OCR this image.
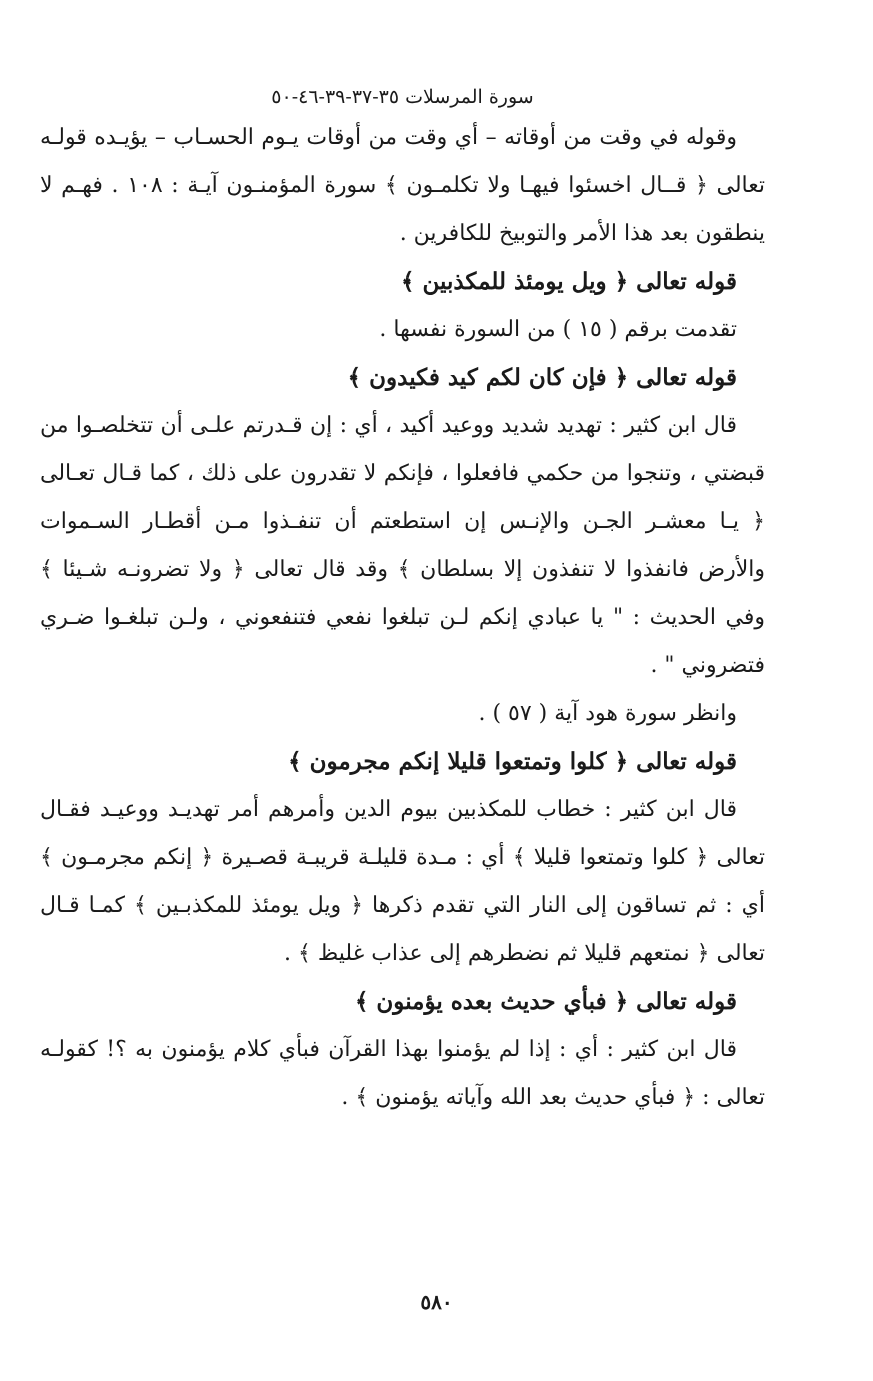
سورة المرسلات ٣٥-٣٧-٣٩-٤٦-٥٠

وقوله في وقت من أوقاته – أي وقت من أوقات يـوم الحسـاب – يؤيـده قولـه تعالى ﴿ قــال اخسئوا فيهـا ولا تكلمـون ﴾ سورة المؤمنـون آيـة : ١٠٨ . فهـم لا ينطقون بعد هذا الأمر والتوبيخ للكافرين .

قوله تعالى ﴿ ويل يومئذ للمكذبين ﴾

تقدمت برقم ( ١٥ ) من السورة نفسها .

قوله تعالى ﴿ فإن كان لكم كيد فكيدون ﴾

قال ابن كثير : تهديد شديد ووعيد أكيد ، أي : إن قـدرتم علـى أن تتخلصـوا من قبضتي ، وتنجوا من حكمي فافعلوا ، فإنكم لا تقدرون على ذلك ، كما قـال تعـالى ﴿ يـا معشـر الجـن والإنـس إن استطعتم أن تنفـذوا مـن أقطـار السـموات والأرض فانفذوا لا تنفذون إلا بسلطان ﴾ وقد قال تعالى ﴿ ولا تضرونـه شـيئا ﴾ وفي الحديث : " يا عبادي إنكم لـن تبلغوا نفعي فتنفعوني ، ولـن تبلغـوا ضـري فتضروني " .

وانظر سورة هود آية ( ٥٧ ) .

قوله تعالى ﴿ كلوا وتمتعوا قليلا إنكم مجرمون ﴾

قال ابن كثير : خطاب للمكذبين بيوم الدين وأمرهم أمر تهديـد ووعيـد فقـال تعالى ﴿ كلوا وتمتعوا قليلا ﴾ أي : مـدة قليلـة قريبـة قصـيرة ﴿ إنكم مجرمـون ﴾ أي : ثم تساقون إلى النار التي تقدم ذكرها ﴿ ويل يومئذ للمكذبـين ﴾ كمـا قـال تعالى ﴿ نمتعهم قليلا ثم نضطرهم إلى عذاب غليظ ﴾ .

قوله تعالى ﴿ فبأي حديث بعده يؤمنون ﴾

قال ابن كثير : أي : إذا لم يؤمنوا بهذا القرآن فبأي كلام يؤمنون به ؟! كقولـه تعالى : ﴿ فبأي حديث بعد الله وآياته يؤمنون ﴾ .

٥٨٠
